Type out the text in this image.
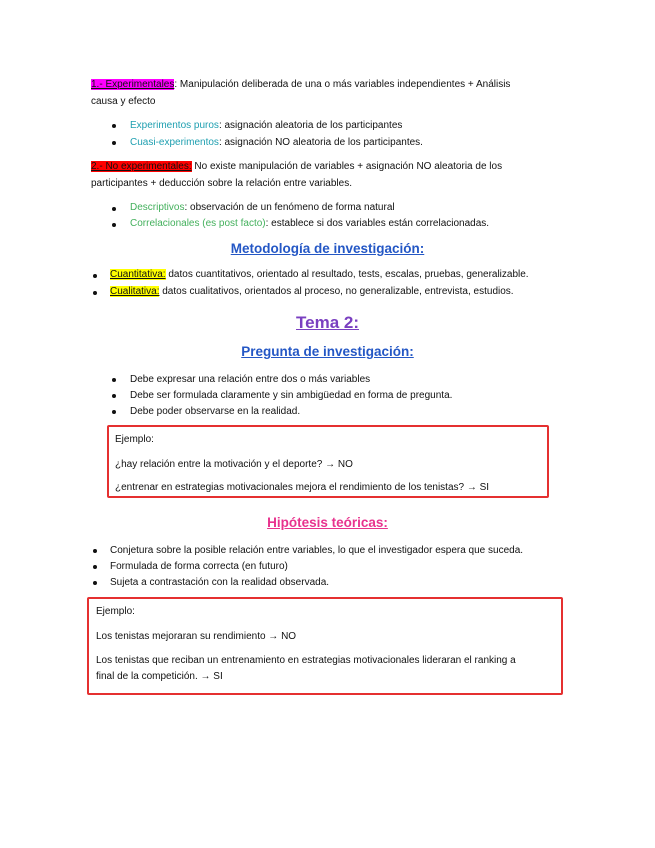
1.- Experimentales: Manipulación deliberada de una o más variables independientes + Análisis
causa y efecto
Experimentos puros: asignación aleatoria de los participantes
Cuasi-experimentos: asignación NO aleatoria de los participantes.
2.- No experimentales: No existe manipulación de variables + asignación NO aleatoria de los
participantes + deducción sobre la relación entre variables.
Descriptivos: observación de un fenómeno de forma natural
Correlacionales (es post facto): establece si dos variables están correlacionadas.
Metodología de investigación:
Cuantitativa: datos cuantitativos, orientado al resultado, tests, escalas, pruebas, generalizable.
Cualitativa: datos cualitativos, orientados al proceso, no generalizable, entrevista, estudios.
Tema 2:
Pregunta de investigación:
Debe expresar una relación entre dos o más variables
Debe ser formulada claramente y sin ambigüedad en forma de pregunta.
Debe poder observarse en la realidad.
Ejemplo:
¿hay relación entre la motivación y el deporte? → NO
¿entrenar en estrategias motivacionales mejora el rendimiento de los tenistas? → SI
Hipótesis teóricas:
Conjetura sobre la posible relación entre variables, lo que el investigador espera que suceda.
Formulada de forma correcta (en futuro)
Sujeta a contrastación con la realidad observada.
Ejemplo:
Los tenistas mejoraran su rendimiento → NO
Los tenistas que reciban un entrenamiento en estrategias motivacionales lideraran el ranking a
final de la competición. → SI
